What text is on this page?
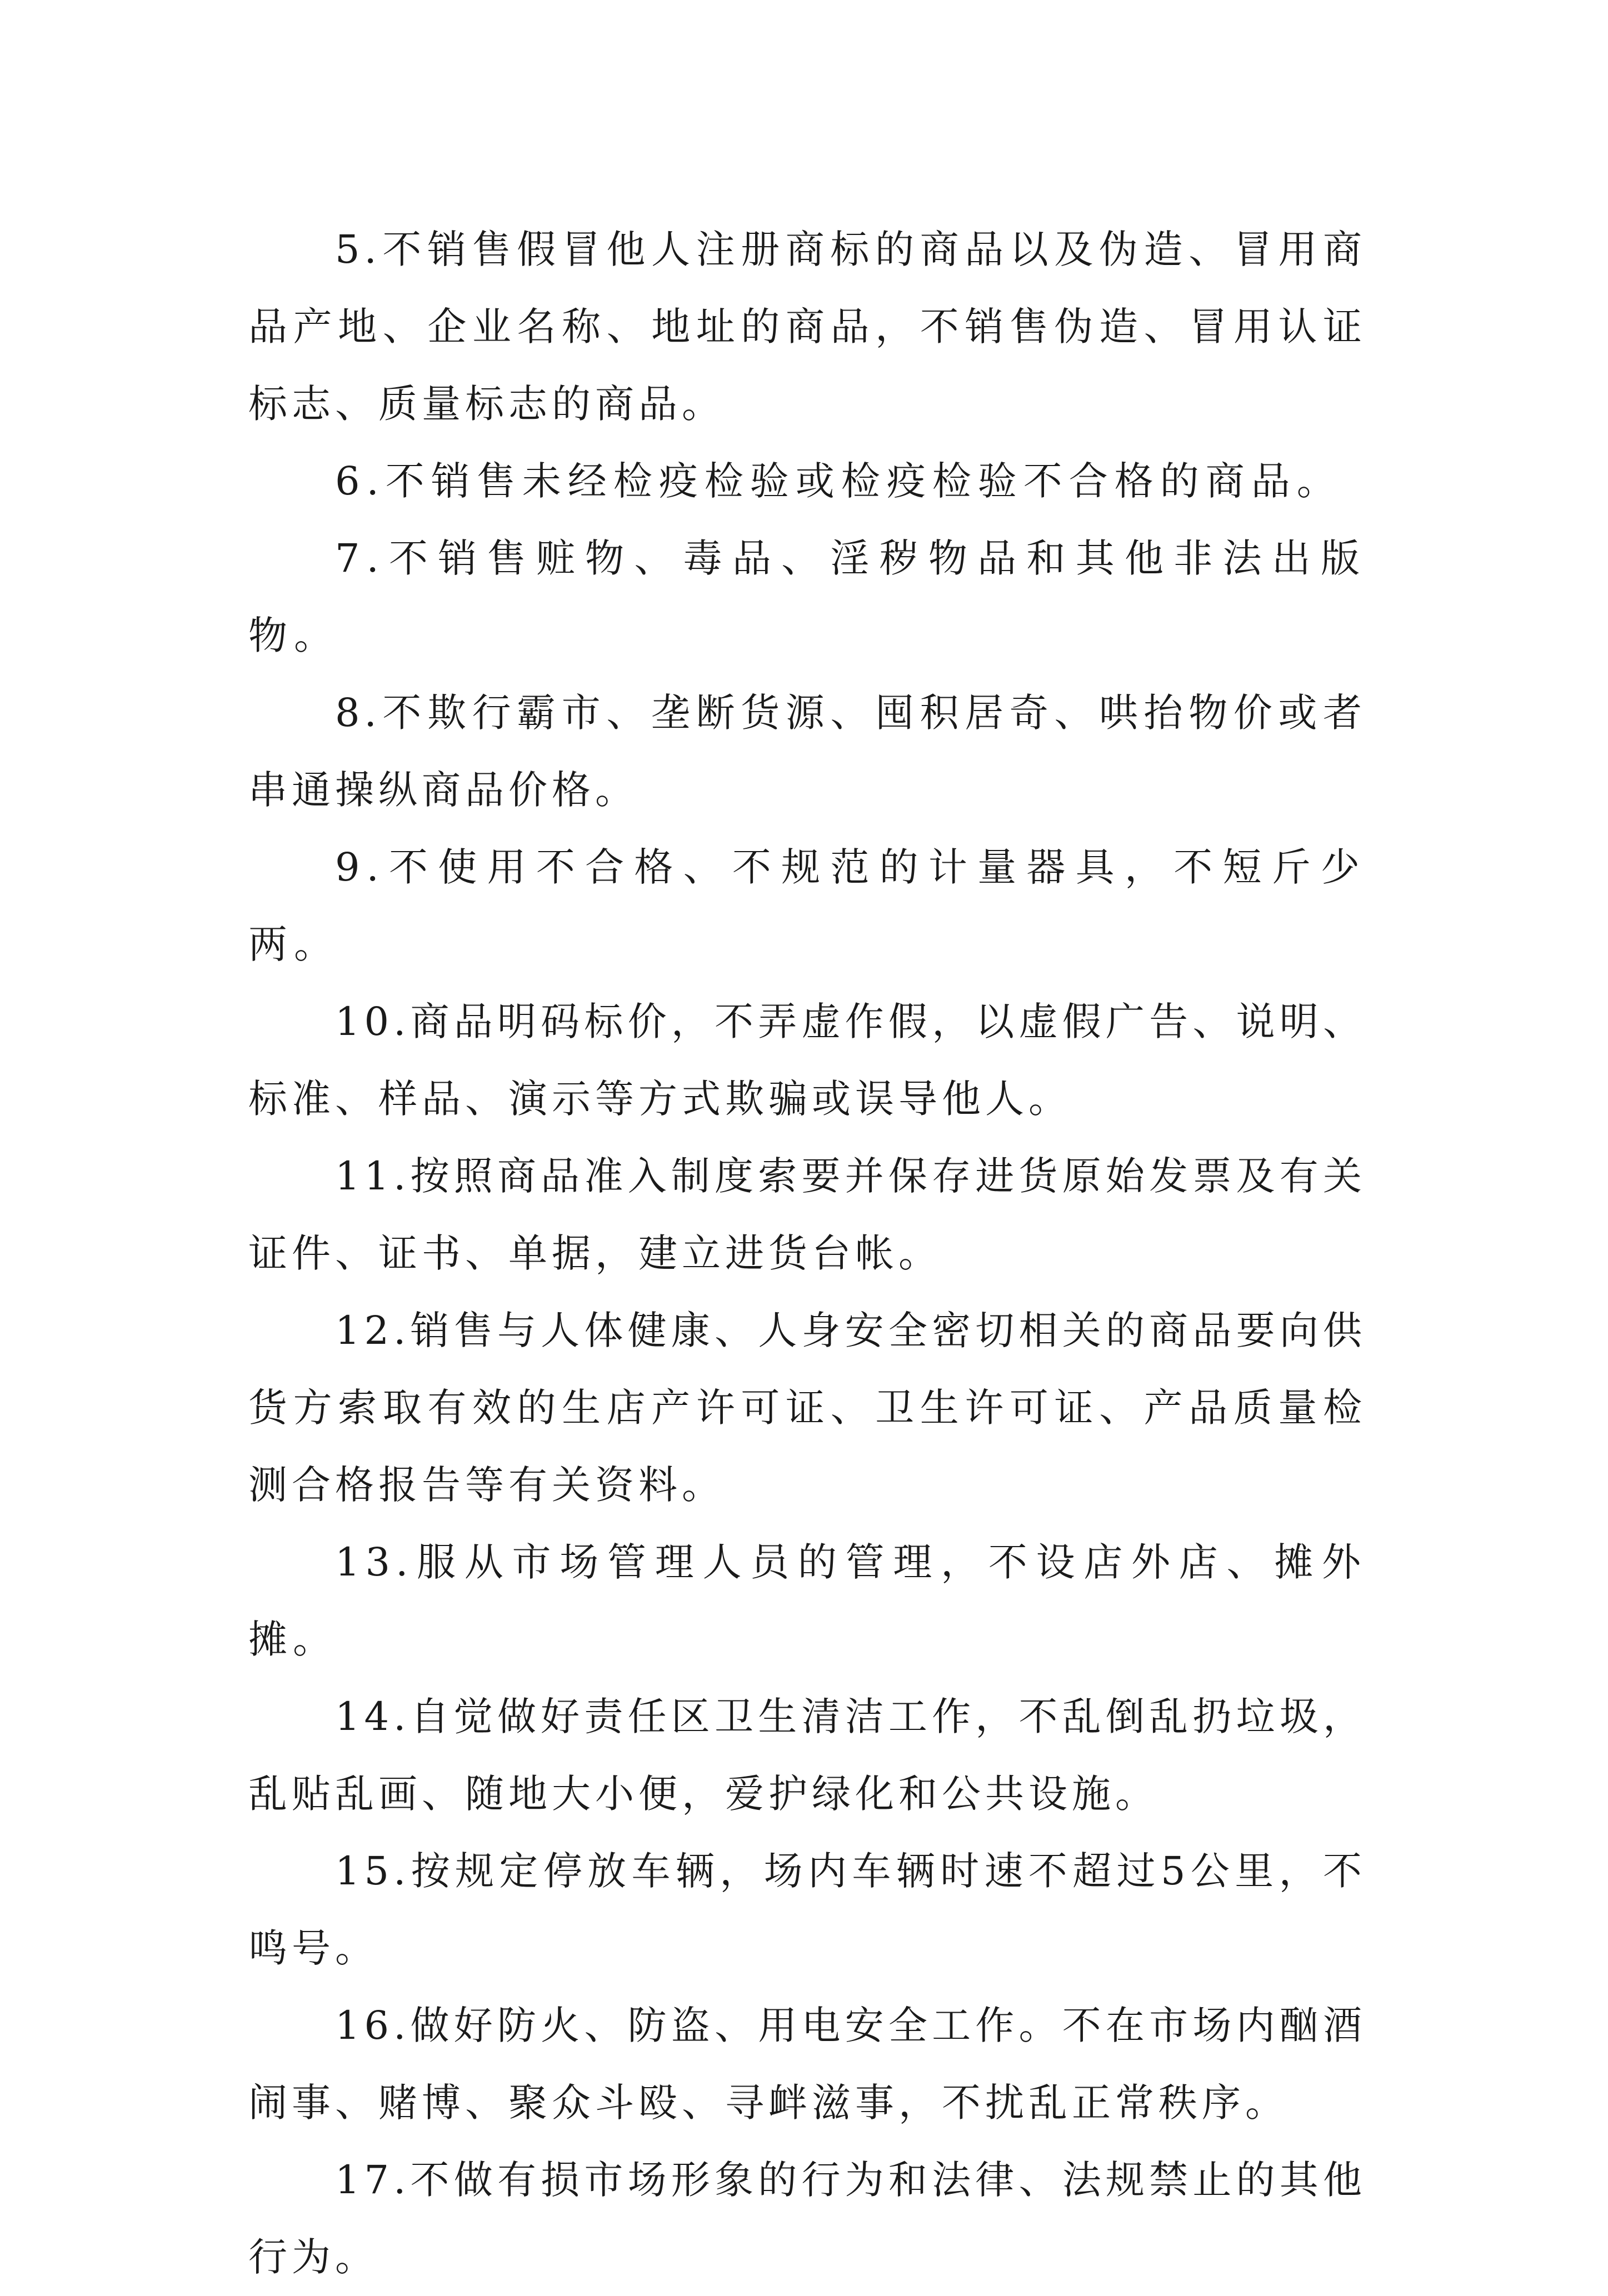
5.不销售假冒他人注册商标的商品以及伪造、冒用商品产地、企业名称、地址的商品，不销售伪造、冒用认证标志、质量标志的商品。

6.不销售未经检疫检验或检疫检验不合格的商品。

7.不销售赃物、毒品、淫秽物品和其他非法出版物。

8.不欺行霸市、垄断货源、囤积居奇、哄抬物价或者串通操纵商品价格。

9.不使用不合格、不规范的计量器具，不短斤少两。

10.商品明码标价，不弄虚作假，以虚假广告、说明、标准、样品、演示等方式欺骗或误导他人。

11.按照商品准入制度索要并保存进货原始发票及有关证件、证书、单据，建立进货台帐。

12.销售与人体健康、人身安全密切相关的商品要向供货方索取有效的生店产许可证、卫生许可证、产品质量检测合格报告等有关资料。

13.服从市场管理人员的管理，不设店外店、摊外摊。

14.自觉做好责任区卫生清洁工作，不乱倒乱扔垃圾，乱贴乱画、随地大小便，爱护绿化和公共设施。

15.按规定停放车辆，场内车辆时速不超过5公里，不鸣号。

16.做好防火、防盗、用电安全工作。不在市场内酗酒闹事、赌博、聚众斗殴、寻衅滋事，不扰乱正常秩序。

17.不做有损市场形象的行为和法律、法规禁止的其他行为。
